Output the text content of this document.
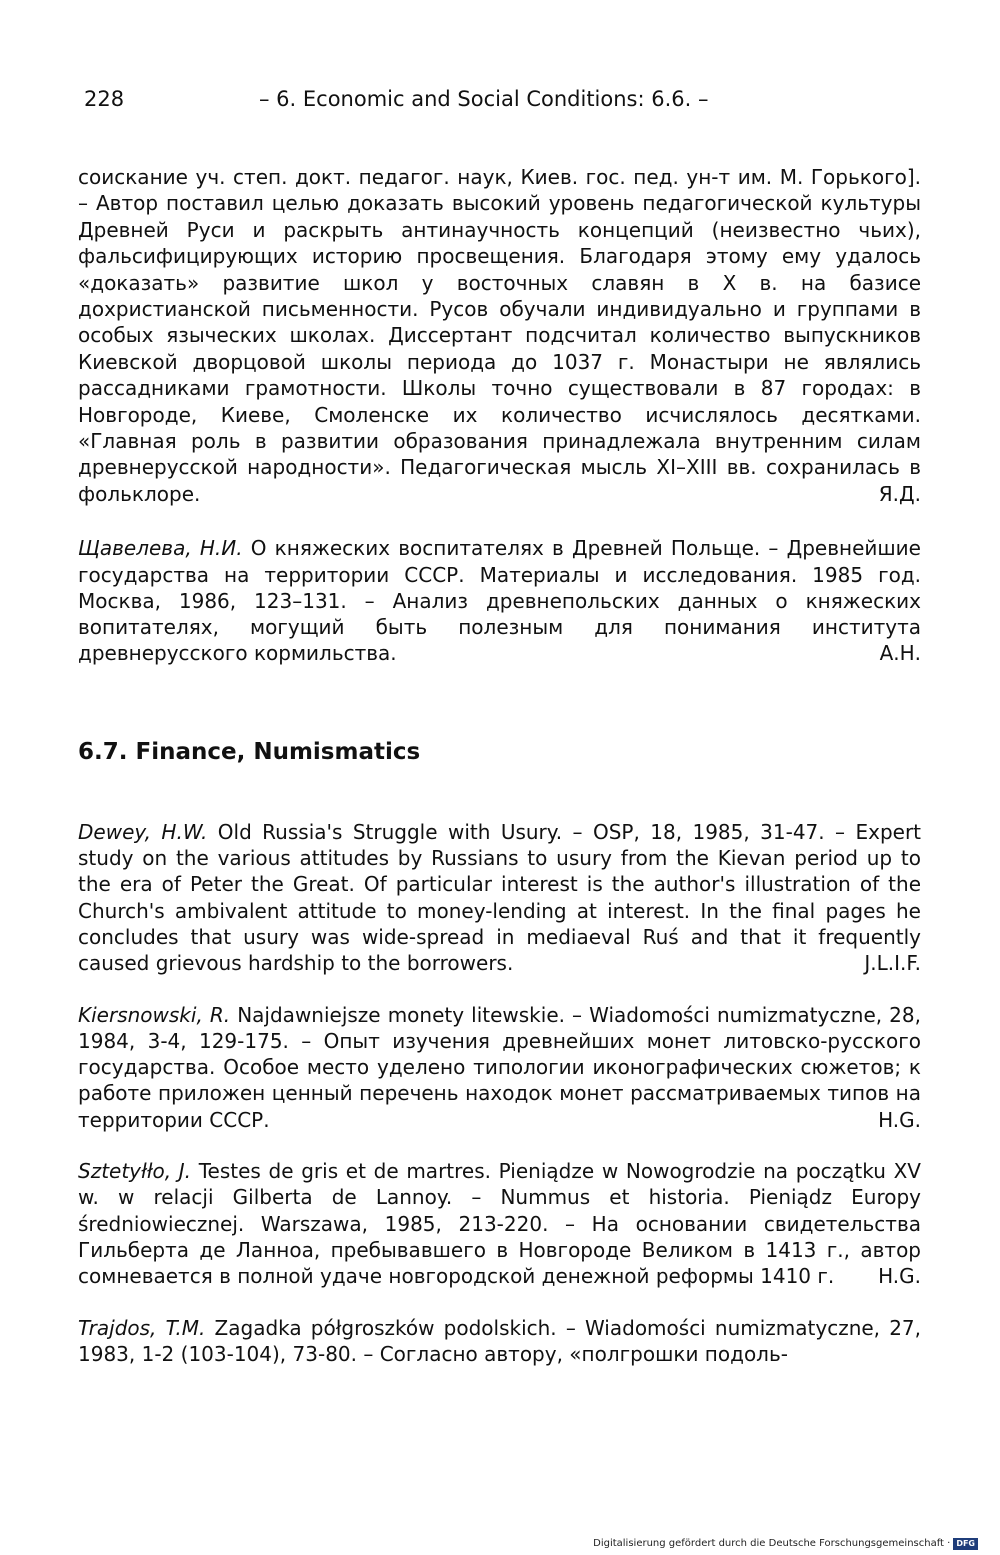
228	– 6. Economic and Social Conditions: 6.6. –

соискание уч. степ. докт. педагог. наук, Киев. гос. пед. ун-т им. М. Горького]. – Автор поставил целью доказать высокий уровень педагогической культуры Древней Руси и раскрыть антинаучность концепций (неизвестно чьих), фальсифицирующих историю просвещения. Благодаря этому ему удалось «доказать» развитие школ у восточных славян в X в. на базисе дохристианской письменности. Русов обучали индивидуально и группами в особых языческих школах. Диссертант подсчитал количество выпускников Киевской дворцовой школы периода до 1037 г. Монастыри не являлись рассадниками грамотности. Школы точно существовали в 87 городах: в Новгороде, Киеве, Смоленске их количество исчислялось десятками. «Главная роль в развитии образования принадлежала внутренним силам древнерусской народности». Педагогическая мысль XI–XIII вв. сохранилась в фольклоре.	Я.Д.

Щавелева, Н.И. О княжеских воспитателях в Древней Польще. – Древнейшие государства на территории СССР. Материалы и исследования. 1985 год. Москва, 1986, 123–131. – Анализ древнепольских данных о княжеских вопитателях, могущий быть полезным для понимания института древнерусского кормильства.	А.Н.

6.7. Finance, Numismatics

Dewey, H.W. Old Russia's Struggle with Usury. – OSP, 18, 1985, 31-47. – Expert study on the various attitudes by Russians to usury from the Kievan period up to the era of Peter the Great. Of particular interest is the author's illustration of the Church's ambivalent attitude to money-lending at interest. In the final pages he concludes that usury was wide-spread in mediaeval Ruś and that it frequently caused grievous hardship to the borrowers.	J.L.I.F.

Kiersnowski, R. Najdawniejsze monety litewskie. – Wiadomości numizmatyczne, 28, 1984, 3-4, 129-175. – Опыт изучения древнейших монет литовско-русского государства. Особое место уделено типологии иконографических сюжетов; к работе приложен ценный перечень находок монет рассматриваемых типов на территории СССР.	H.G.

Sztetyłło, J. Testes de gris et de martres. Pieniądze w Nowogrodzie na początku XV w. w relacji Gilberta de Lannoy. – Nummus et historia. Pieniądz Europy średniowiecznej. Warszawa, 1985, 213-220. – На основании свидетельства Гильберта де Ланноа, пребывавшего в Новгороде Великом в 1413 г., автор сомневается в полной удаче новгородской денежной реформы 1410 г. H.G.

Trajdos, T.M. Zagadka półgroszków podolskich. – Wiadomości numizmatyczne, 27, 1983, 1-2 (103-104), 73-80. – Согласно автору, «полгрошки подоль-

Digitalisierung gefördert durch die Deutsche Forschungsgemeinschaft · DFG
